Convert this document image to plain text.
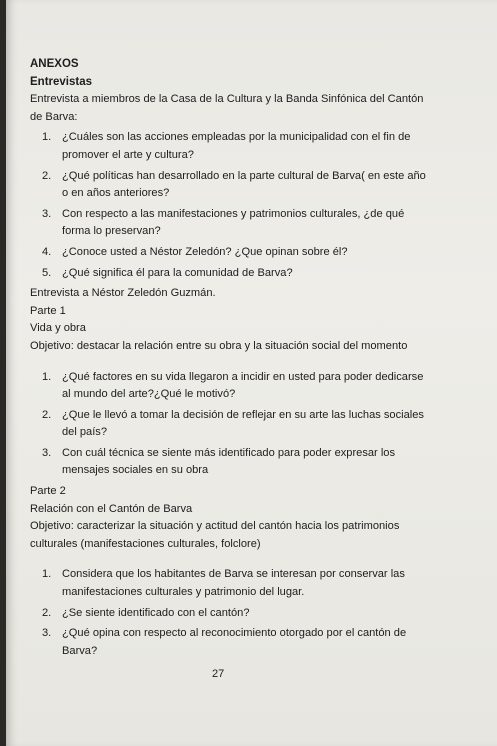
ANEXOS
Entrevistas

Entrevista a miembros de la Casa de la Cultura y la Banda Sinfónica del Cantón de Barva:

1. ¿Cuáles son las acciones empleadas por la municipalidad con el fin de promover el arte y cultura?
2. ¿Qué políticas han desarrollado en la parte cultural de Barva( en este año o en años anteriores?
3. Con respecto a las manifestaciones y patrimonios culturales, ¿de qué forma lo preservan?
4. ¿Conoce usted a Néstor Zeledón? ¿Que opinan sobre él?
5. ¿Qué significa él para la comunidad de Barva?

Entrevista a Néstor Zeledón Guzmán.

Parte 1

Vida y obra

Objetivo: destacar la relación entre su obra y la situación social del momento

1. ¿Qué factores en su vida llegaron a incidir en usted para poder dedicarse al mundo del arte?¿Qué le motivó?
2. ¿Que le llevó a tomar la decisión de reflejar en su arte las luchas sociales del país?
3. Con cuál técnica se siente más identificado para poder expresar los mensajes sociales en su obra

Parte 2

Relación con el Cantón de Barva

Objetivo: caracterizar la situación y actitud del cantón hacia los patrimonios culturales (manifestaciones culturales, folclore)

1. Considera que los habitantes de Barva se interesan por conservar las manifestaciones culturales y patrimonio del lugar.
2. ¿Se siente identificado con el cantón?
3. ¿Qué opina con respecto al reconocimiento otorgado por el cantón de Barva?
27
